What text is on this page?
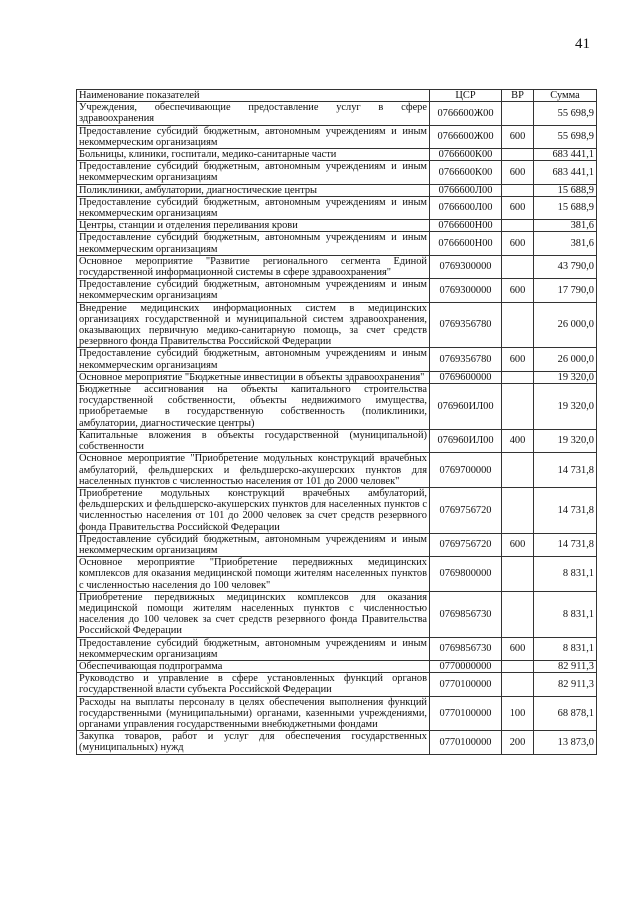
41
Наименование показателей	ЦСР	ВР	Сумма
Учреждения, обеспечивающие предоставление услуг в сфере здравоохранения	0766600Ж00		55 698,9
Предоставление субсидий бюджетным, автономным учреждениям и иным некоммерческим организациям	0766600Ж00	600	55 698,9
Больницы, клиники, госпитали, медико-санитарные части	0766600К00		683 441,1
Предоставление субсидий бюджетным, автономным учреждениям и иным некоммерческим организациям	0766600К00	600	683 441,1
Поликлиники, амбулатории, диагностические центры	0766600Л00		15 688,9
Предоставление субсидий бюджетным, автономным учреждениям и иным некоммерческим организациям	0766600Л00	600	15 688,9
Центры, станции и отделения переливания крови	0766600Н00		381,6
Предоставление субсидий бюджетным, автономным учреждениям и иным некоммерческим организациям	0766600Н00	600	381,6
Основное мероприятие "Развитие регионального сегмента Единой государственной информационной системы в сфере здравоохранения"	0769300000		43 790,0
Предоставление субсидий бюджетным, автономным учреждениям и иным некоммерческим организациям	0769300000	600	17 790,0
Внедрение медицинских информационных систем в медицинских организациях государственной и муниципальной систем здравоохранения, оказывающих первичную медико-санитарную помощь, за счет средств резервного фонда Правительства Российской Федерации	0769356780		26 000,0
Предоставление субсидий бюджетным, автономным учреждениям и иным некоммерческим организациям	0769356780	600	26 000,0
Основное мероприятие "Бюджетные инвестиции в объекты здравоохранения"	0769600000		19 320,0
Бюджетные ассигнования на объекты капитального строительства государственной собственности, объекты недвижимого имущества, приобретаемые в государственную собственность (поликлиники, амбулатории, диагностические центры)	076960ИЛ00		19 320,0
Капитальные вложения в объекты государственной (муниципальной) собственности	076960ИЛ00	400	19 320,0
Основное мероприятие "Приобретение модульных конструкций врачебных амбулаторий, фельдшерских и фельдшерско-акушерских пунктов для населенных пунктов с численностью населения от 101 до 2000 человек"	0769700000		14 731,8
Приобретение модульных конструкций врачебных амбулаторий, фельдшерских и фельдшерско-акушерских пунктов для населенных пунктов с численностью населения от 101 до 2000 человек за счет средств резервного фонда Правительства Российской Федерации	0769756720		14 731,8
Предоставление субсидий бюджетным, автономным учреждениям и иным некоммерческим организациям	0769756720	600	14 731,8
Основное мероприятие "Приобретение передвижных медицинских комплексов для оказания медицинской помощи жителям населенных пунктов с численностью населения до 100 человек"	0769800000		8 831,1
Приобретение передвижных медицинских комплексов для оказания медицинской помощи жителям населенных пунктов с численностью населения до 100 человек за счет средств резервного фонда Правительства Российской Федерации	0769856730		8 831,1
Предоставление субсидий бюджетным, автономным учреждениям и иным некоммерческим организациям	0769856730	600	8 831,1
Обеспечивающая подпрограмма	0770000000		82 911,3
Руководство и управление в сфере установленных функций органов государственной власти субъекта Российской Федерации	0770100000		82 911,3
Расходы на выплаты персоналу в целях обеспечения выполнения функций государственными (муниципальными) органами, казенными учреждениями, органами управления государственными внебюджетными фондами	0770100000	100	68 878,1
Закупка товаров, работ и услуг для обеспечения государственных (муниципальных) нужд	0770100000	200	13 873,0
